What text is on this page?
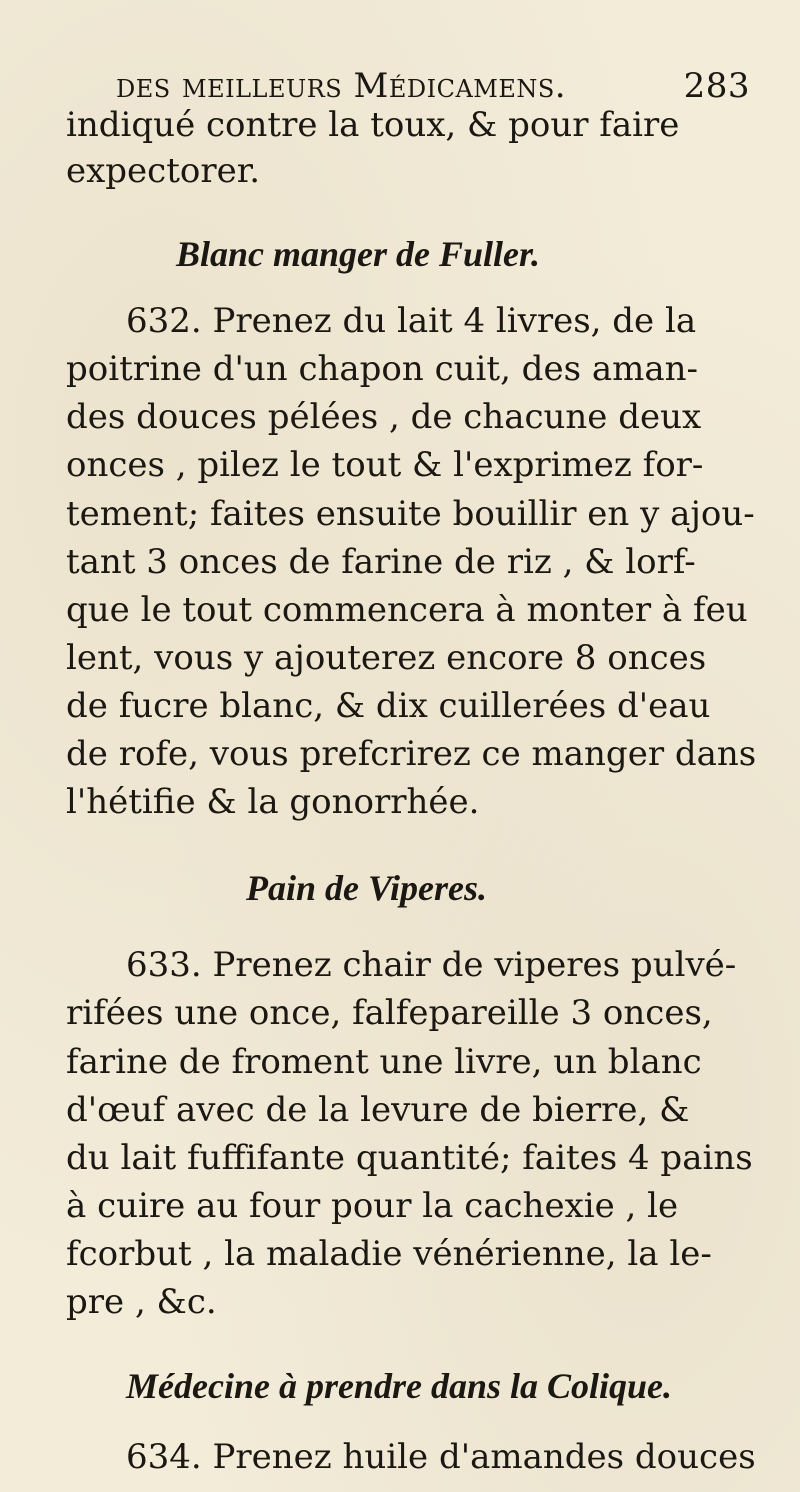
des meilleurs Médicamens.	283
indiqué contre la toux, & pour faire
expectorer.
Blanc manger de Fuller.
632. Prenez du lait 4 livres, de la
poitrine d'un chapon cuit, des aman-
des douces pélées , de chacune deux
onces , pilez le tout & l'exprimez for-
tement; faites ensuite bouillir en y ajou-
tant 3 onces de farine de riz , & lorf-
que le tout commencera à monter à feu
lent, vous y ajouterez encore 8 onces
de fucre blanc, & dix cuillerées d'eau
de rofe, vous prefcrirez ce manger dans
l'hétifie & la gonorrhée.
Pain de Viperes.
633. Prenez chair de viperes pulvé-
rifées une once, falfepareille 3 onces,
farine de froment une livre, un blanc
d'œuf avec de la levure de bierre, &
du lait fuffifante quantité; faites 4 pains
à cuire au four pour la cachexie , le
fcorbut , la maladie vénérienne, la le-
pre , &c.
Médecine à prendre dans la Colique.
634. Prenez huile d'amandes douces
